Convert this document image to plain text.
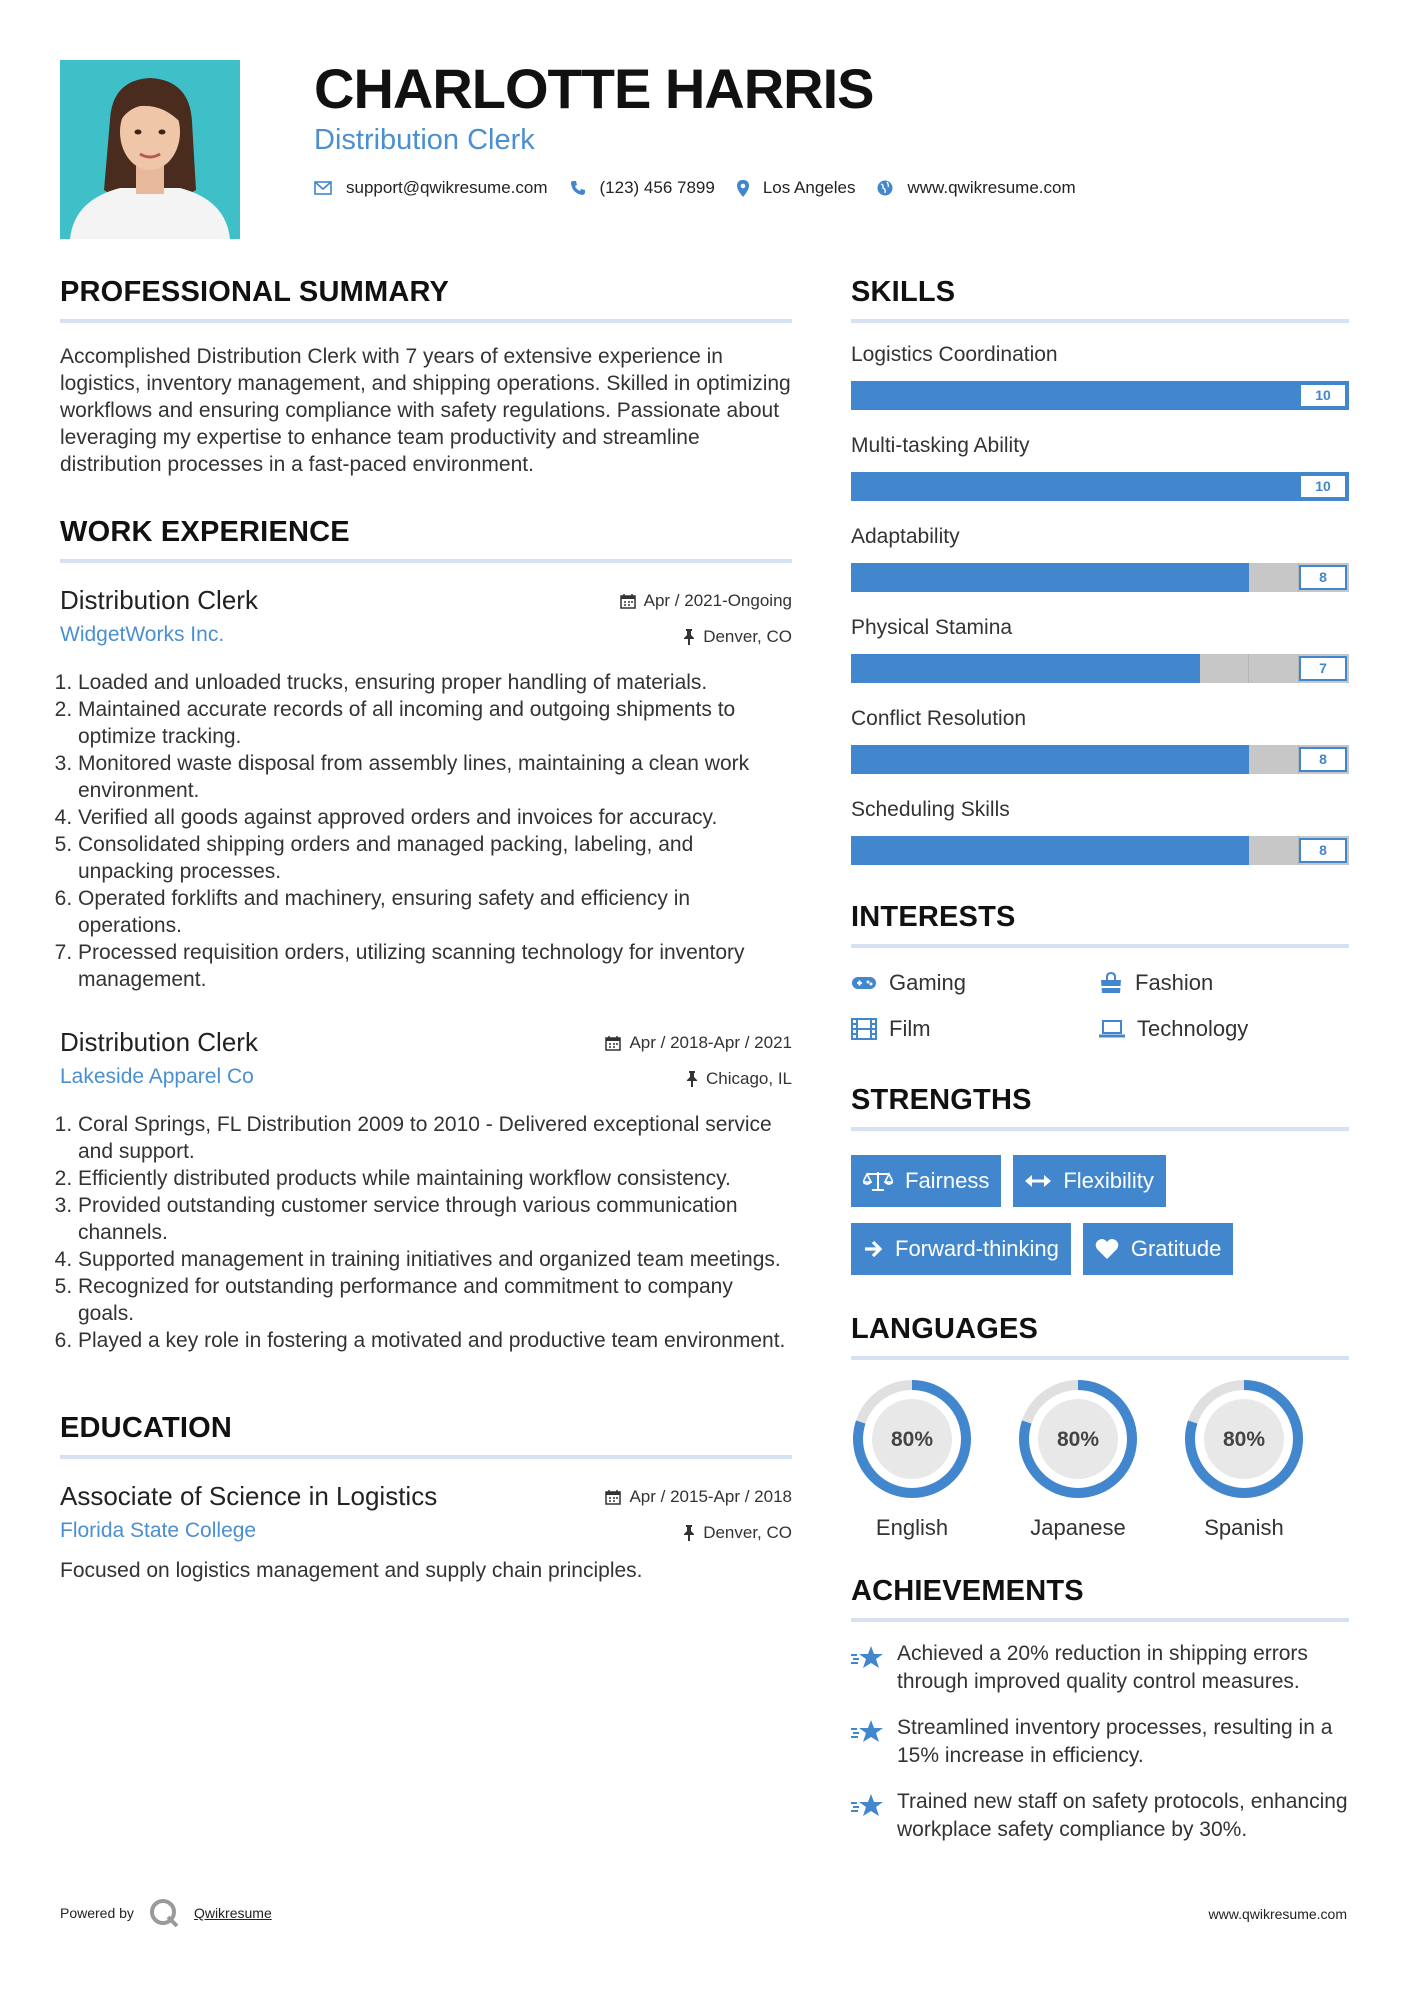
CHARLOTTE HARRIS
Distribution Clerk
support@qwikresume.com	(123) 456 7899	Los Angeles	www.qwikresume.com
PROFESSIONAL SUMMARY
Accomplished Distribution Clerk with 7 years of extensive experience in logistics, inventory management, and shipping operations. Skilled in optimizing workflows and ensuring compliance with safety regulations. Passionate about leveraging my expertise to enhance team productivity and streamline distribution processes in a fast-paced environment.
WORK EXPERIENCE
Distribution Clerk
WidgetWorks Inc.
Apr / 2021-Ongoing
Denver, CO
1. Loaded and unloaded trucks, ensuring proper handling of materials.
2. Maintained accurate records of all incoming and outgoing shipments to optimize tracking.
3. Monitored waste disposal from assembly lines, maintaining a clean work environment.
4. Verified all goods against approved orders and invoices for accuracy.
5. Consolidated shipping orders and managed packing, labeling, and unpacking processes.
6. Operated forklifts and machinery, ensuring safety and efficiency in operations.
7. Processed requisition orders, utilizing scanning technology for inventory management.
Distribution Clerk
Lakeside Apparel Co
Apr / 2018-Apr / 2021
Chicago, IL
1. Coral Springs, FL Distribution 2009 to 2010 - Delivered exceptional service and support.
2. Efficiently distributed products while maintaining workflow consistency.
3. Provided outstanding customer service through various communication channels.
4. Supported management in training initiatives and organized team meetings.
5. Recognized for outstanding performance and commitment to company goals.
6. Played a key role in fostering a motivated and productive team environment.
EDUCATION
Associate of Science in Logistics
Florida State College
Apr / 2015-Apr / 2018
Denver, CO
Focused on logistics management and supply chain principles.
SKILLS
Logistics Coordination
10
Multi-tasking Ability
10
Adaptability
8
Physical Stamina
7
Conflict Resolution
8
Scheduling Skills
8
INTERESTS
Gaming	Fashion
Film	Technology
STRENGTHS
Fairness	Flexibility
Forward-thinking	Gratitude
LANGUAGES
80%
English
80%
Japanese
80%
Spanish
ACHIEVEMENTS
Achieved a 20% reduction in shipping errors through improved quality control measures.
Streamlined inventory processes, resulting in a 15% increase in efficiency.
Trained new staff on safety protocols, enhancing workplace safety compliance by 30%.
Powered by	Qwikresume	www.qwikresume.com
